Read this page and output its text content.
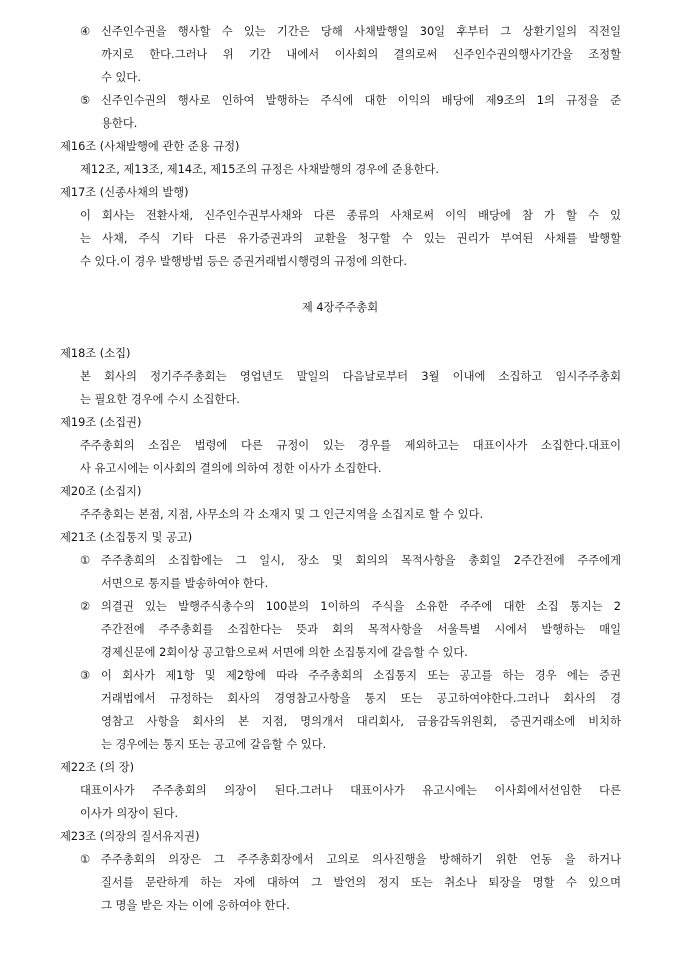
④ 신주인수권을 행사할 수 있는 기간은 당해 사채발행일 30일 후부터 그 상환기일의 직전일
까지로 한다.그러나 위 기간 내에서 이사회의 결의로써 신주인수권의행사기간을 조정할
수 있다.
⑤ 신주인수권의 행사로 인하여 발행하는 주식에 대한 이익의 배당에 제9조의 1의 규정을 준
용한다.
제16조 (사채발행에 관한 준용 규정)
제12조, 제13조, 제14조, 제15조의 규정은 사채발행의 경우에 준용한다.
제17조 (신종사채의 발행)
이 회사는 전환사채, 신주인수권부사채와 다른 종류의 사채로써 이익 배당에 참 가 할 수 있
는 사채, 주식 기타 다른 유가증권과의 교환을 청구할 수 있는 권리가 부여된 사채를 발행할
수 있다.이 경우 발행방법 등은 증권거래법시행령의 규정에 의한다.
제 4장주주총회
제18조 (소집)
본 회사의 정기주주총회는 영업년도 말일의 다음날로부터 3월 이내에 소집하고 임시주주총회
는 필요한 경우에 수시 소집한다.
제19조 (소집권)
주주총회의 소집은 법령에 다른 규정이 있는 경우를 제외하고는 대표이사가 소집한다.대표이
사 유고시에는 이사회의 결의에 의하여 정한 이사가 소집한다.
제20조 (소집지)
주주총회는 본점, 지점, 사무소의 각 소재지 및 그 인근지역을 소집지로 할 수 있다.
제21조 (소집통지 및 공고)
① 주주총희의 소집함에는 그 일시, 장소 및 회의의 목적사항을 총회일 2주간전에 주주에게
서면으로 통지를 발송하여야 한다.
② 의결권 있는 발행주식총수의 100분의 1이하의 주식을 소유한 주주에 대한 소집 통지는 2
주간전에 주주총회를 소집한다는 뜻과 회의 목적사항을 서울특별 시에서 발행하는 매일
경제신문에 2회이상 공고함으로써 서면에 의한 소집통지에 갈음할 수 있다.
③ 이 회사가 제1항 및 제2항에 따라 주주총회의 소집통지 또는 공고를 하는 경우 에는 증권
거래법에서 규정하는 회사의 경영참고사항을 통지 또는 공고하여야한다.그러나 회사의 경
영참고 사항을 회사의 본 지점, 명의개서 대리회사, 금융감독위원회, 증권거래소에 비치하
는 경우에는 통지 또는 공고에 갈음할 수 있다.
제22조 (의 장)
대표이사가 주주총회의 의장이 된다.그러나 대표이사가 유고시에는 이사회에서선임한 다른
이사가 의장이 된다.
제23조 (의장의 질서유지권)
① 주주총회의 의장은 그 주주총회장에서 고의로 의사진행을 방해하기 위한 언동 을 하거나
질서를 문란하게 하는 자에 대하여 그 발언의 정지 또는 취소나 퇴장을 명할 수 있으며
그 명을 받은 자는 이에 응하여야 한다.
